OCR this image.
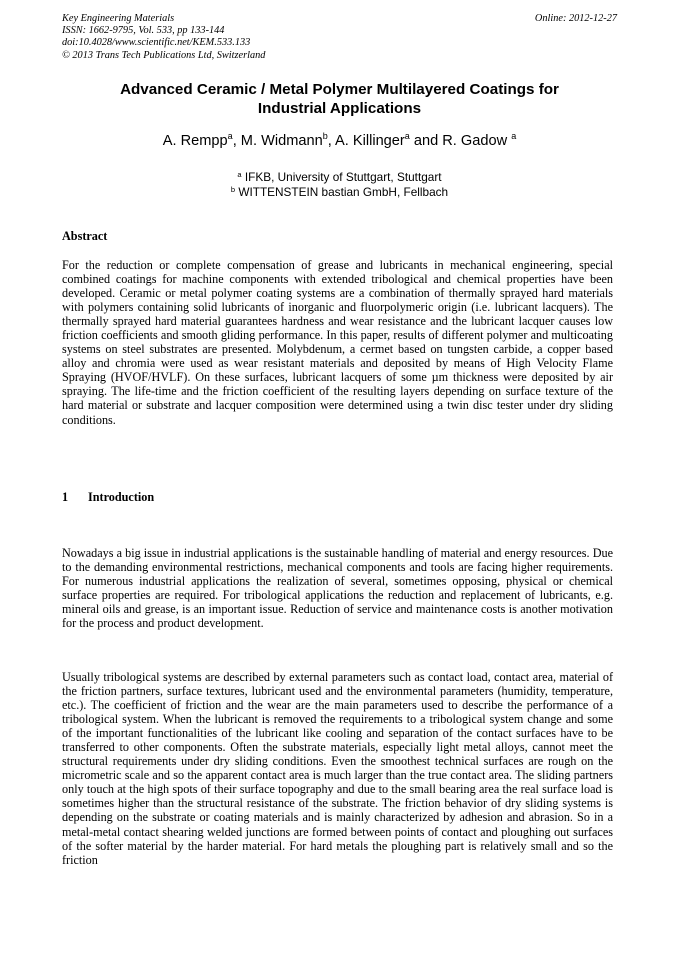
Key Engineering Materials	Online: 2012-12-27
ISSN: 1662-9795, Vol. 533, pp 133-144
doi:10.4028/www.scientific.net/KEM.533.133
© 2013 Trans Tech Publications Ltd, Switzerland
Advanced Ceramic / Metal Polymer Multilayered Coatings for
Industrial Applications
A. Rempp$^a$, M. Widmann$^b$, A. Killinger$^a$ and R. Gadow $^a$
$^a$ IFKB, University of Stuttgart, Stuttgart
$^b$ WITTENSTEIN bastian GmbH, Fellbach
Abstract

For the reduction or complete compensation of grease and lubricants in mechanical engineering, special combined coatings for machine components with extended tribological and chemical properties have been developed. Ceramic or metal polymer coating systems are a combination of thermally sprayed hard materials with polymers containing solid lubricants of inorganic and fluorpolymeric origin (i.e. lubricant lacquers). The thermally sprayed hard material guarantees hardness and wear resistance and the lubricant lacquer causes low friction coefficients and smooth gliding performance. In this paper, results of different polymer and multicoating systems on steel substrates are presented. Molybdenum, a cermet based on tungsten carbide, a copper based alloy and chromia were used as wear resistant materials and deposited by means of High Velocity Flame Spraying (HVOF/HVLF). On these surfaces, lubricant lacquers of some µm thickness were deposited by air spraying. The life-time and the friction coefficient of the resulting layers depending on surface texture of the hard material or substrate and lacquer composition were determined using a twin disc tester under dry sliding conditions.

1 Introduction

Nowadays a big issue in industrial applications is the sustainable handling of material and energy resources. Due to the demanding environmental restrictions, mechanical components and tools are facing higher requirements. For numerous industrial applications the realization of several, sometimes opposing, physical or chemical surface properties are required. For tribological applications the reduction and replacement of lubricants, e.g. mineral oils and grease, is an important issue. Reduction of service and maintenance costs is another motivation for the process and product development.

Usually tribological systems are described by external parameters such as contact load, contact area, material of the friction partners, surface textures, lubricant used and the environmental parameters (humidity, temperature, etc.). The coefficient of friction and the wear are the main parameters used to describe the performance of a tribological system. When the lubricant is removed the requirements to a tribological system change and some of the important functionalities of the lubricant like cooling and separation of the contact surfaces have to be transferred to other components. Often the substrate materials, especially light metal alloys, cannot meet the structural requirements under dry sliding conditions. Even the smoothest technical surfaces are rough on the micrometric scale and so the apparent contact area is much larger than the true contact area. The sliding partners only touch at the high spots of their surface topography and due to the small bearing area the real surface load is sometimes higher than the structural resistance of the substrate. The friction behavior of dry sliding systems is depending on the substrate or coating materials and is mainly characterized by adhesion and abrasion. So in a metal-metal contact shearing welded junctions are formed between points of contact and ploughing out surfaces of the softer material by the harder material. For hard metals the ploughing part is relatively small and so the friction
